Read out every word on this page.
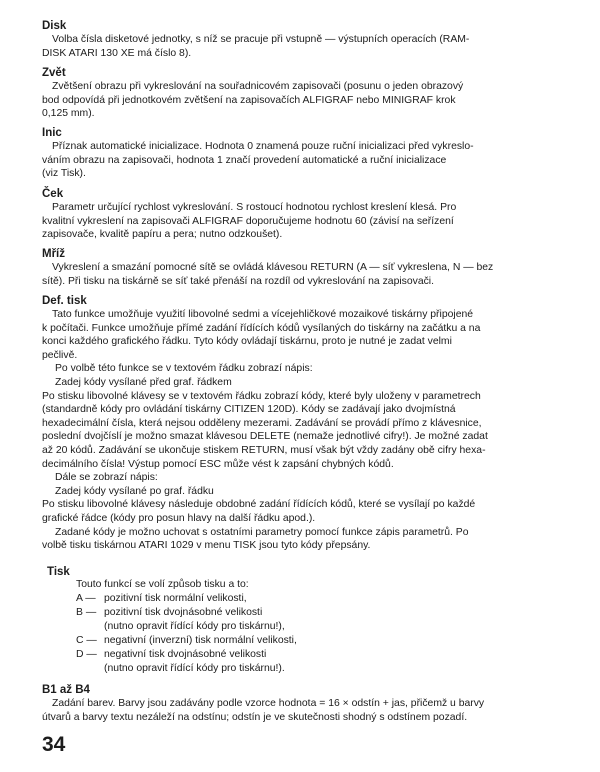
Disk
Volba čísla disketové jednotky, s níž se pracuje při vstupně — výstupních operacích (RAM-
DISK ATARI 130 XE má číslo 8).
Zvět
Zvětšení obrazu při vykreslování na souřadnicovém zapisovači (posunu o jeden obrazový
bod odpovídá při jednotkovém zvětšení na zapisovačích ALFIGRAF nebo MINIGRAF krok
0,125 mm).
Inic
Příznak automatické inicializace. Hodnota 0 znamená pouze ruční inicializaci před vykreslo-
váním obrazu na zapisovači, hodnota 1 značí provedení automatické a ruční inicializace
(viz Tisk).
Ček
Parametr určující rychlost vykreslování. S rostoucí hodnotou rychlost kreslení klesá. Pro
kvalitní vykreslení na zapisovači ALFIGRAF doporučujeme hodnotu 60 (závisí na seřízení
zapisovače, kvalitě papíru a pera; nutno odzkoušet).
Mříž
Vykreslení a smazání pomocné sítě se ovládá klávesou RETURN (A — síť vykreslena, N — bez
sítě). Při tisku na tiskárně se síť také přenáší na rozdíl od vykreslování na zapisovači.
Def. tisk
Tato funkce umožňuje využití libovolné sedmi a vícejehličkové mozaikové tiskárny připojené
k počítači. Funkce umožňuje přímé zadání řídících kódů vysílaných do tiskárny na začátku a na
konci každého grafického řádku. Tyto kódy ovládají tiskárnu, proto je nutné je zadat velmi
pečlivě.
Po volbě této funkce se v textovém řádku zobrazí nápis:
Zadej kódy vysílané před graf. řádkem
Po stisku libovolné klávesy se v textovém řádku zobrazí kódy, které byly uloženy v parametrech
(standardně kódy pro ovládání tiskárny CITIZEN 120D). Kódy se zadávají jako dvojmístná
hexadecimální čísla, která nejsou odděleny mezerami. Zadávání se provádí přímo z klávesnice,
poslední dvojčíslí je možno smazat klávesou DELETE (nemaže jednotlivé cifry!). Je možné zadat
až 20 kódů. Zadávání se ukončuje stiskem RETURN, musí však být vždy zadány obě cifry hexa-
decimálního čísla! Výstup pomocí ESC může vést k zapsání chybných kódů.
Dále se zobrazí nápis:
Zadej kódy vysílané po graf. řádku
Po stisku libovolné klávesy následuje obdobné zadání řídících kódů, které se vysílají po každé
grafické řádce (kódy pro posun hlavy na další řádku apod.).
Zadané kódy je možno uchovat s ostatními parametry pomocí funkce zápis parametrů. Po
volbě tisku tiskárnou ATARI 1029 v menu TISK jsou tyto kódy přepsány.
Tisk
Touto funkcí se volí způsob tisku a to:
A — pozitivní tisk normální velikosti,
B — pozitivní tisk dvojnásobné velikosti
(nutno opravit řídící kódy pro tiskárnu!),
C — negativní (inverzní) tisk normální velikosti,
D — negativní tisk dvojnásobné velikosti
(nutno opravit řídící kódy pro tiskárnu!).
B1 až B4
Zadání barev. Barvy jsou zadávány podle vzorce hodnota = 16 × odstín + jas, přičemž u barvy
útvarů a barvy textu nezáleží na odstínu; odstín je ve skutečnosti shodný s odstínem pozadí.
34
